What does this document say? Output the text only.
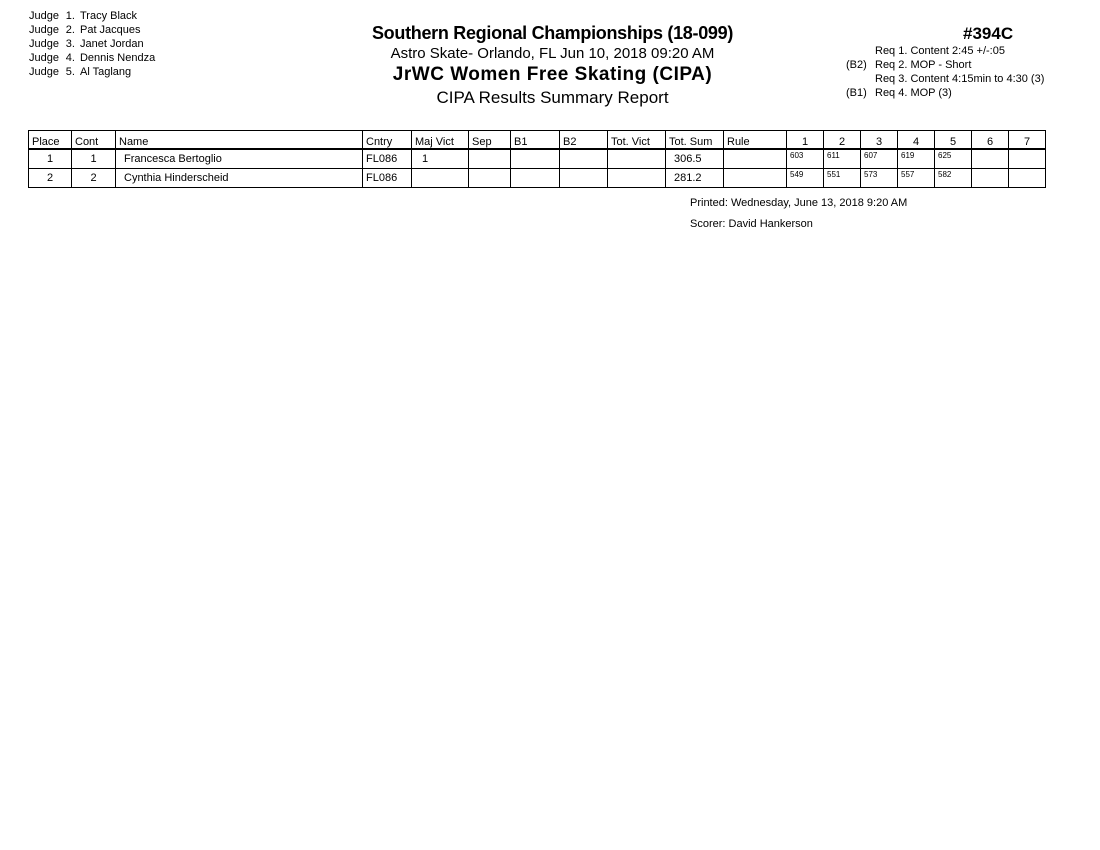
Judge 1. Tracy Black
Judge 2. Pat Jacques
Judge 3. Janet Jordan
Judge 4. Dennis Nendza
Judge 5. Al Taglang
Southern Regional Championships (18-099)
Astro Skate- Orlando, FL Jun 10, 2018 09:20 AM
JrWC Women Free Skating (CIPA)
CIPA Results Summary Report
#394C
Req 1. Content 2:45 +/-:05
(B2) Req 2. MOP - Short
Req 3. Content 4:15min to 4:30 (3)
(B1) Req 4. MOP (3)
Place	Cont	Name	Cntry	Maj Vict	Sep	B1	B2	Tot. Vict	Tot. Sum	Rule	1	2	3	4	5	6	7
1	1	Francesca Bertoglio	FL086	1					306.5		603	611	607	619	625		
2	2	Cynthia Hinderscheid	FL086						281.2		549	551	573	557	582		
Printed: Wednesday, June 13, 2018 9:20 AM
Scorer: David Hankerson
